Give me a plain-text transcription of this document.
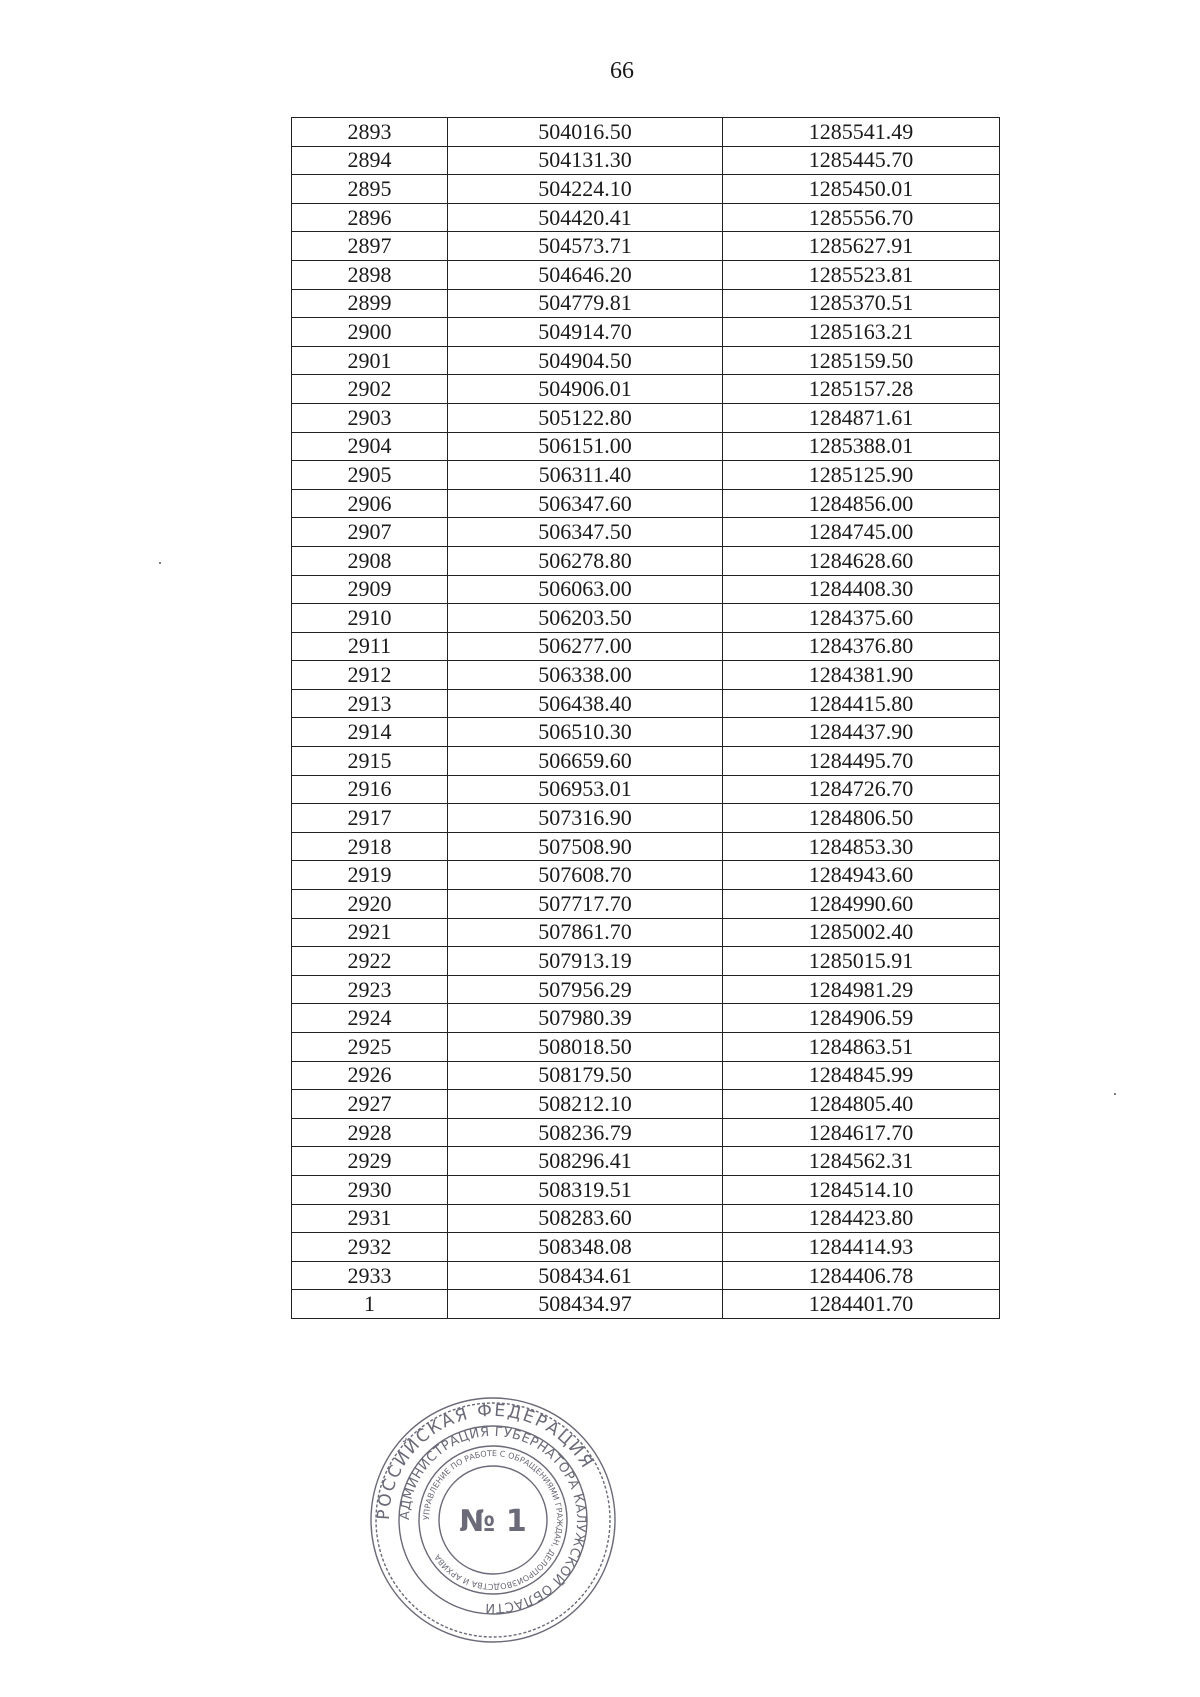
66
2893	504016.50	1285541.49
2894	504131.30	1285445.70
2895	504224.10	1285450.01
2896	504420.41	1285556.70
2897	504573.71	1285627.91
2898	504646.20	1285523.81
2899	504779.81	1285370.51
2900	504914.70	1285163.21
2901	504904.50	1285159.50
2902	504906.01	1285157.28
2903	505122.80	1284871.61
2904	506151.00	1285388.01
2905	506311.40	1285125.90
2906	506347.60	1284856.00
2907	506347.50	1284745.00
2908	506278.80	1284628.60
2909	506063.00	1284408.30
2910	506203.50	1284375.60
2911	506277.00	1284376.80
2912	506338.00	1284381.90
2913	506438.40	1284415.80
2914	506510.30	1284437.90
2915	506659.60	1284495.70
2916	506953.01	1284726.70
2917	507316.90	1284806.50
2918	507508.90	1284853.30
2919	507608.70	1284943.60
2920	507717.70	1284990.60
2921	507861.70	1285002.40
2922	507913.19	1285015.91
2923	507956.29	1284981.29
2924	507980.39	1284906.59
2925	508018.50	1284863.51
2926	508179.50	1284845.99
2927	508212.10	1284805.40
2928	508236.79	1284617.70
2929	508296.41	1284562.31
2930	508319.51	1284514.10
2931	508283.60	1284423.80
2932	508348.08	1284414.93
2933	508434.61	1284406.78
1	508434.97	1284401.70
РОССИЙСКАЯ ФЕДЕРАЦИЯ
АДМИНИСТРАЦИЯ ГУБЕРНАТОРА КАЛУЖСКОЙ ОБЛАСТИ
УПРАВЛЕНИЕ ПО РАБОТЕ С ОБРАЩЕНИЯМИ ГРАЖДАН, ДЕЛОПРОИЗВОДСТВА И АРХИВА
№ 1
